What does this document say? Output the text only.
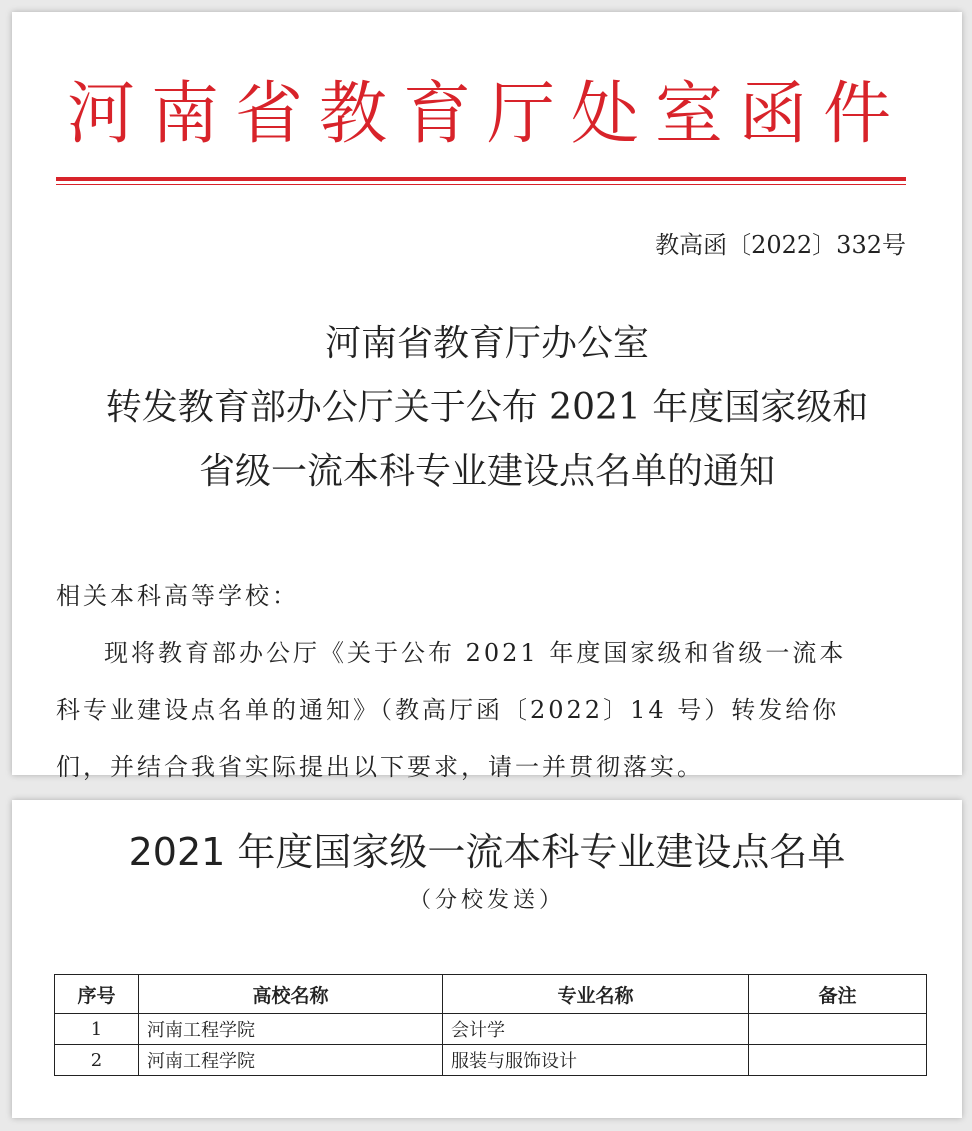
河南省教育厅处室函件
教高函〔2022〕332号
河南省教育厅办公室
转发教育部办公厅关于公布 2021 年度国家级和
省级一流本科专业建设点名单的通知

相关本科高等学校：

现将教育部办公厅《关于公布 2021 年度国家级和省级一流本

科专业建设点名单的通知》（教高厅函〔2022〕14 号）转发给你

们，并结合我省实际提出以下要求，请一并贯彻落实。

2021 年度国家级一流本科专业建设点名单
（分校发送）
序号	高校名称	专业名称	备注
1	河南工程学院	会计学	
2	河南工程学院	服装与服饰设计	
